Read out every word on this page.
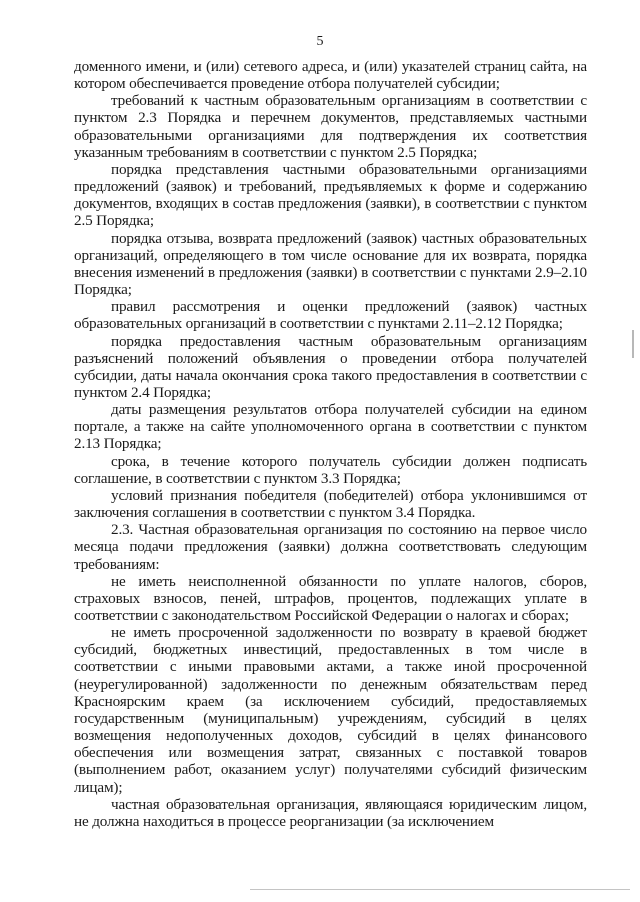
5

доменного имени, и (или) сетевого адреса, и (или) указателей страниц сайта, на котором обеспечивается проведение отбора получателей субсидии;

требований к частным образовательным организациям в соответствии с пунктом 2.3 Порядка и перечнем документов, представляемых частными образовательными организациями для подтверждения их соответствия указанным требованиям в соответствии с пунктом 2.5 Порядка;

порядка представления частными образовательными организациями предложений (заявок) и требований, предъявляемых к форме и содержанию документов, входящих в состав предложения (заявки), в соответствии с пунктом 2.5 Порядка;

порядка отзыва, возврата предложений (заявок) частных образовательных организаций, определяющего в том числе основание для их возврата, порядка внесения изменений в предложения (заявки) в соответствии с пунктами 2.9–2.10 Порядка;

правил рассмотрения и оценки предложений (заявок) частных образовательных организаций в соответствии с пунктами 2.11–2.12 Порядка;

порядка предоставления частным образовательным организациям разъяснений положений объявления о проведении отбора получателей субсидии, даты начала окончания срока такого предоставления в соответствии с пунктом 2.4 Порядка;

даты размещения результатов отбора получателей субсидии на едином портале, а также на сайте уполномоченного органа в соответствии с пунктом 2.13 Порядка;

срока, в течение которого получатель субсидии должен подписать соглашение, в соответствии с пунктом 3.3 Порядка;

условий признания победителя (победителей) отбора уклонившимся от заключения соглашения в соответствии с пунктом 3.4 Порядка.

2.3. Частная образовательная организация по состоянию на первое число месяца подачи предложения (заявки) должна соответствовать следующим требованиям:

не иметь неисполненной обязанности по уплате налогов, сборов, страховых взносов, пеней, штрафов, процентов, подлежащих уплате в соответствии с законодательством Российской Федерации о налогах и сборах;

не иметь просроченной задолженности по возврату в краевой бюджет субсидий, бюджетных инвестиций, предоставленных в том числе в соответствии с иными правовыми актами, а также иной просроченной (неурегулированной) задолженности по денежным обязательствам перед Красноярским краем (за исключением субсидий, предоставляемых государственным (муниципальным) учреждениям, субсидий в целях возмещения недополученных доходов, субсидий в целях финансового обеспечения или возмещения затрат, связанных с поставкой товаров (выполнением работ, оказанием услуг) получателями субсидий физическим лицам);

частная образовательная организация, являющаяся юридическим лицом, не должна находиться в процессе реорганизации (за исключением
